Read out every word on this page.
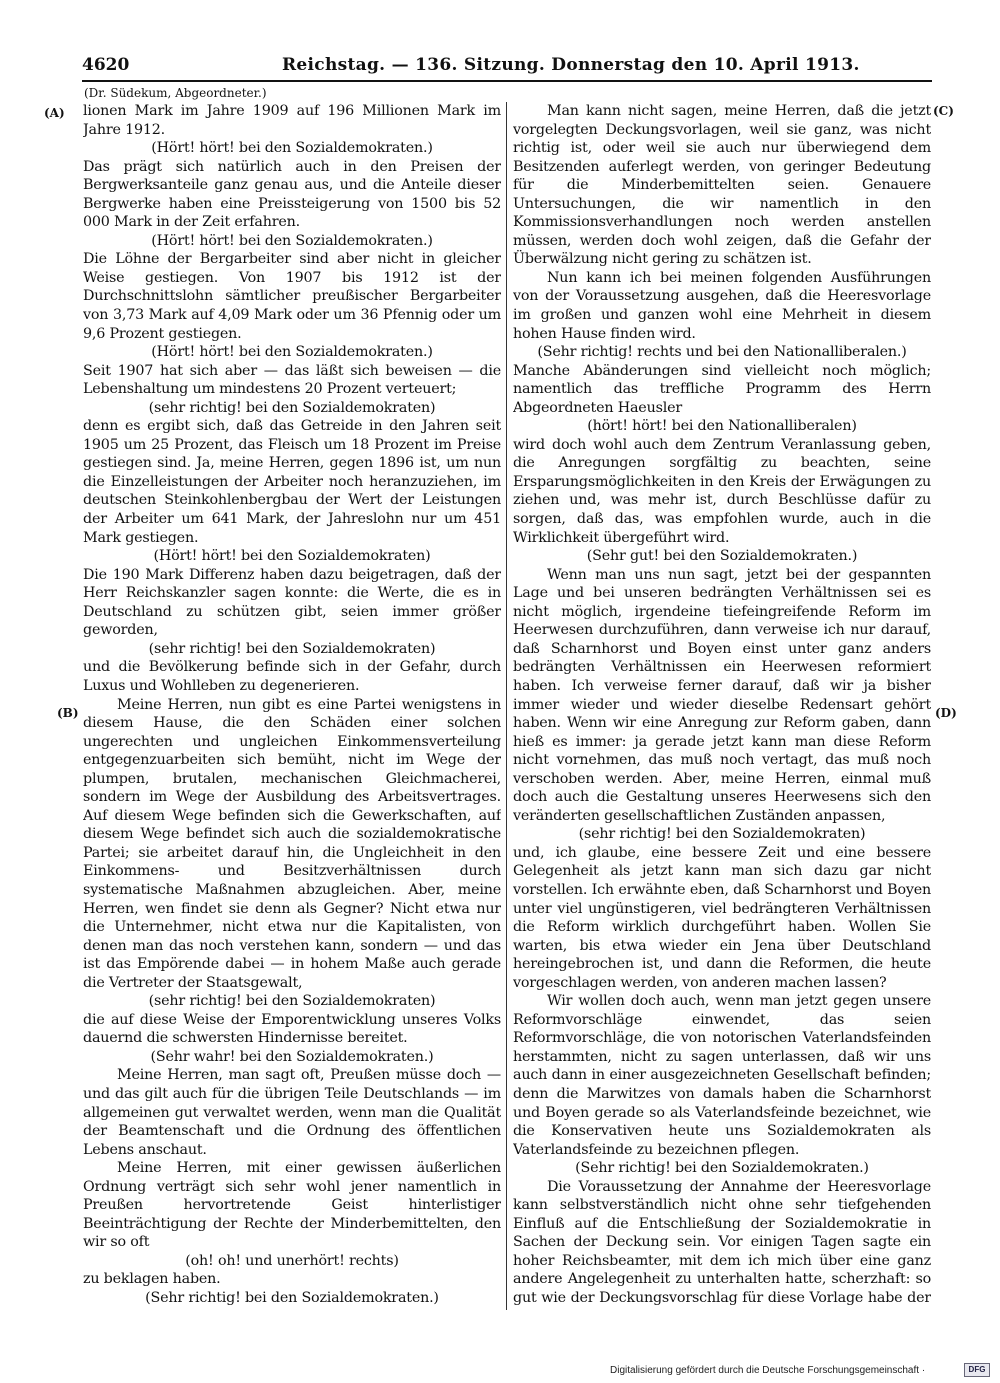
4620	Reichstag. — 136. Sitzung. Donnerstag den 10. April 1913.
(Dr. Südekum, Abgeordneter.)
(A)
(B)
(C)
(D)

lionen Mark im Jahre 1909 auf 196 Millionen Mark im Jahre 1912.

(Hört! hört! bei den Sozialdemokraten.)

Das prägt sich natürlich auch in den Preisen der Bergwerksanteile ganz genau aus, und die Anteile dieser Bergwerke haben eine Preissteigerung von 1500 bis 52 000 Mark in der Zeit erfahren.

(Hört! hört! bei den Sozialdemokraten.)

Die Löhne der Bergarbeiter sind aber nicht in gleicher Weise gestiegen. Von 1907 bis 1912 ist der Durchschnittslohn sämtlicher preußischer Bergarbeiter von 3,73 Mark auf 4,09 Mark oder um 36 Pfennig oder um 9,6 Prozent gestiegen.

(Hört! hört! bei den Sozialdemokraten.)

Seit 1907 hat sich aber — das läßt sich beweisen — die Lebenshaltung um mindestens 20 Prozent verteuert;

(sehr richtig! bei den Sozialdemokraten)

denn es ergibt sich, daß das Getreide in den Jahren seit 1905 um 25 Prozent, das Fleisch um 18 Prozent im Preise gestiegen sind. Ja, meine Herren, gegen 1896 ist, um nun die Einzelleistungen der Arbeiter noch heranzuziehen, im deutschen Steinkohlenbergbau der Wert der Leistungen der Arbeiter um 641 Mark, der Jahreslohn nur um 451 Mark gestiegen.

(Hört! hört! bei den Sozialdemokraten)

Die 190 Mark Differenz haben dazu beigetragen, daß der Herr Reichskanzler sagen konnte: die Werte, die es in Deutschland zu schützen gibt, seien immer größer geworden,

(sehr richtig! bei den Sozialdemokraten)

und die Bevölkerung befinde sich in der Gefahr, durch Luxus und Wohlleben zu degenerieren.

Meine Herren, nun gibt es eine Partei wenigstens in diesem Hause, die den Schäden einer solchen ungerechten und ungleichen Einkommensverteilung entgegenzuarbeiten sich bemüht, nicht im Wege der plumpen, brutalen, mechanischen Gleichmacherei, sondern im Wege der Ausbildung des Arbeitsvertrages. Auf diesem Wege befinden sich die Gewerkschaften, auf diesem Wege befindet sich auch die sozialdemokratische Partei; sie arbeitet darauf hin, die Ungleichheit in den Einkommens- und Besitzverhältnissen durch systematische Maßnahmen abzugleichen. Aber, meine Herren, wen findet sie denn als Gegner? Nicht etwa nur die Unternehmer, nicht etwa nur die Kapitalisten, von denen man das noch verstehen kann, sondern — und das ist das Empörende dabei — in hohem Maße auch gerade die Vertreter der Staatsgewalt,

(sehr richtig! bei den Sozialdemokraten)

die auf diese Weise der Emporentwicklung unseres Volks dauernd die schwersten Hindernisse bereitet.

(Sehr wahr! bei den Sozialdemokraten.)

Meine Herren, man sagt oft, Preußen müsse doch — und das gilt auch für die übrigen Teile Deutschlands — im allgemeinen gut verwaltet werden, wenn man die Qualität der Beamtenschaft und die Ordnung des öffentlichen Lebens anschaut.

Meine Herren, mit einer gewissen äußerlichen Ordnung verträgt sich sehr wohl jener namentlich in Preußen hervortretende Geist hinterlistiger Beeinträchtigung der Rechte der Minderbemittelten, den wir so oft

(oh! oh! und unerhört! rechts)

zu beklagen haben.

(Sehr richtig! bei den Sozialdemokraten.)

Man kann nicht sagen, meine Herren, daß die jetzt vorgelegten Deckungsvorlagen, weil sie ganz, was nicht richtig ist, oder weil sie auch nur überwiegend dem Besitzenden auferlegt werden, von geringer Bedeutung für die Minderbemittelten seien. Genauere Untersuchungen, die wir namentlich in den Kommissionsverhandlungen noch werden anstellen müssen, werden doch wohl zeigen, daß die Gefahr der Überwälzung nicht gering zu schätzen ist.

Nun kann ich bei meinen folgenden Ausführungen von der Voraussetzung ausgehen, daß die Heeresvorlage im großen und ganzen wohl eine Mehrheit in diesem hohen Hause finden wird.

(Sehr richtig! rechts und bei den Nationalliberalen.)

Manche Abänderungen sind vielleicht noch möglich; namentlich das treffliche Programm des Herrn Abgeordneten Haeusler

(hört! hört! bei den Nationalliberalen)

wird doch wohl auch dem Zentrum Veranlassung geben, die Anregungen sorgfältig zu beachten, seine Ersparungsmöglichkeiten in den Kreis der Erwägungen zu ziehen und, was mehr ist, durch Beschlüsse dafür zu sorgen, daß das, was empfohlen wurde, auch in die Wirklichkeit übergeführt wird.

(Sehr gut! bei den Sozialdemokraten.)

Wenn man uns nun sagt, jetzt bei der gespannten Lage und bei unseren bedrängten Verhältnissen sei es nicht möglich, irgendeine tiefeingreifende Reform im Heerwesen durchzuführen, dann verweise ich nur darauf, daß Scharnhorst und Boyen einst unter ganz anders bedrängten Verhältnissen ein Heerwesen reformiert haben. Ich verweise ferner darauf, daß wir ja bisher immer wieder und wieder dieselbe Redensart gehört haben. Wenn wir eine Anregung zur Reform gaben, dann hieß es immer: ja gerade jetzt kann man diese Reform nicht vornehmen, das muß noch vertagt, das muß noch verschoben werden. Aber, meine Herren, einmal muß doch auch die Gestaltung unseres Heerwesens sich den veränderten gesellschaftlichen Zuständen anpassen,

(sehr richtig! bei den Sozialdemokraten)

und, ich glaube, eine bessere Zeit und eine bessere Gelegenheit als jetzt kann man sich dazu gar nicht vorstellen. Ich erwähnte eben, daß Scharnhorst und Boyen unter viel ungünstigeren, viel bedrängteren Verhältnissen die Reform wirklich durchgeführt haben. Wollen Sie warten, bis etwa wieder ein Jena über Deutschland hereingebrochen ist, und dann die Reformen, die heute vorgeschlagen werden, von anderen machen lassen?

Wir wollen doch auch, wenn man jetzt gegen unsere Reformvorschläge einwendet, das seien Reformvorschläge, die von notorischen Vaterlandsfeinden herstammten, nicht zu sagen unterlassen, daß wir uns auch dann in einer ausgezeichneten Gesellschaft befinden; denn die Marwitzes von damals haben die Scharnhorst und Boyen gerade so als Vaterlandsfeinde bezeichnet, wie die Konservativen heute uns Sozialdemokraten als Vaterlandsfeinde zu bezeichnen pflegen.

(Sehr richtig! bei den Sozialdemokraten.)

Die Voraussetzung der Annahme der Heeresvorlage kann selbstverständlich nicht ohne sehr tiefgehenden Einfluß auf die Entschließung der Sozialdemokratie in Sachen der Deckung sein. Vor einigen Tagen sagte ein hoher Reichsbeamter, mit dem ich mich über eine ganz andere Angelegenheit zu unterhalten hatte, scherzhaft: so gut wie der Deckungsvorschlag für diese Vorlage habe der

Digitalisierung gefördert durch die Deutsche Forschungsgemeinschaft ·	DFG
